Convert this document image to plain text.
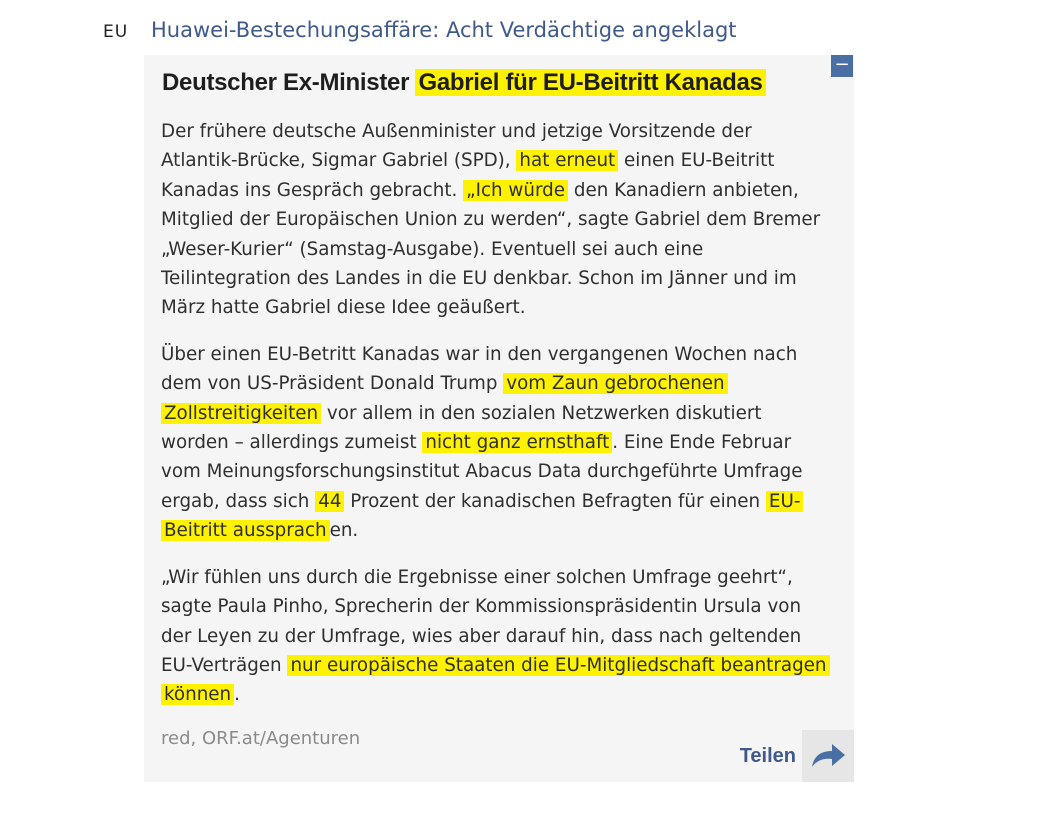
EU Huawei-Bestechungsaffäre: Acht Verdächtige angeklagt
−
Deutscher Ex-Minister Gabriel für EU-Beitritt Kanadas

Der frühere deutsche Außenminister und jetzige Vorsitzende der Atlantik-Brücke, Sigmar Gabriel (SPD), hat erneut einen EU-Beitritt Kanadas ins Gespräch gebracht. „Ich würde den Kanadiern anbieten, Mitglied der Europäischen Union zu werden“, sagte Gabriel dem Bremer „Weser-Kurier“ (Samstag-Ausgabe). Eventuell sei auch eine Teilintegration des Landes in die EU denkbar. Schon im Jänner und im März hatte Gabriel diese Idee geäußert.

Über einen EU-Betritt Kanadas war in den vergangenen Wochen nach dem von US-Präsident Donald Trump vom Zaun gebrochenen Zollstreitigkeiten vor allem in den sozialen Netzwerken diskutiert worden – allerdings zumeist nicht ganz ernsthaft . Eine Ende Februar vom Meinungsforschungsinstitut Abacus Data durchgeführte Umfrage ergab, dass sich 44 Prozent der kanadischen Befragten für einen EU-Beitritt aussprach en.

„Wir fühlen uns durch die Ergebnisse einer solchen Umfrage geehrt“, sagte Paula Pinho, Sprecherin der Kommissionspräsidentin Ursula von der Leyen zu der Umfrage, wies aber darauf hin, dass nach geltenden EU-Verträgen nur europäische Staaten die EU-Mitgliedschaft beantragen können .

red, ORF.at/Agenturen
Teilen
